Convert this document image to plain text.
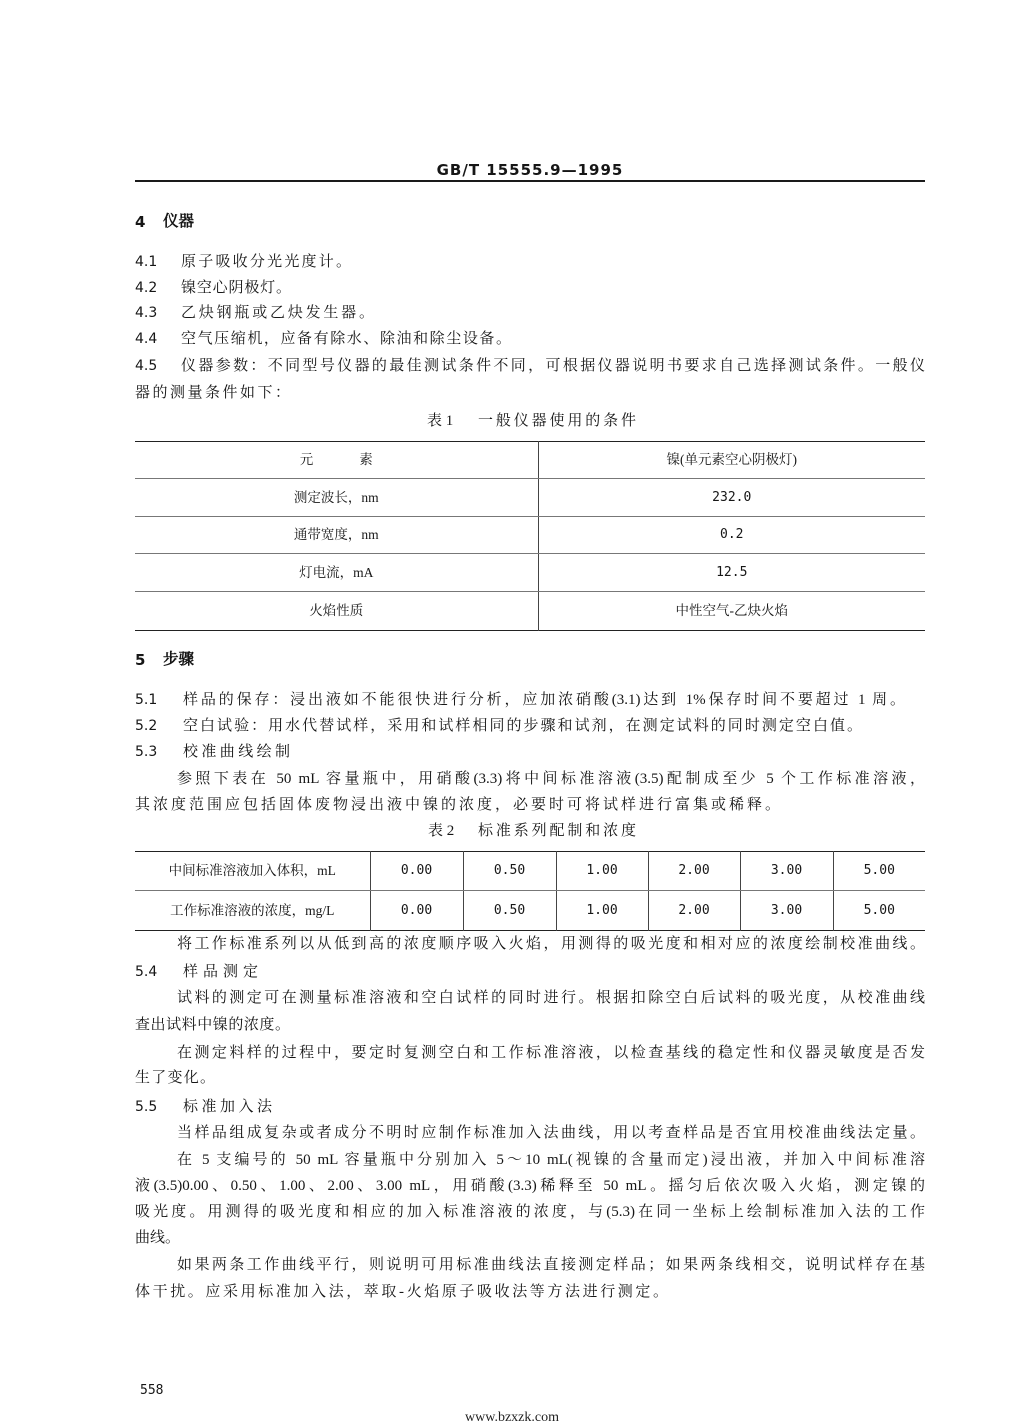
GB/T 15555.9—1995
4 仪器
4.1 原子吸收分光光度计。
4.2 镍空心阴极灯。
4.3 乙炔钢瓶或乙炔发生器。
4.4 空气压缩机，应备有除水、除油和除尘设备。
4.5 仪器参数：不同型号仪器的最佳测试条件不同，可根据仪器说明书要求自己选择测试条件。一般仪
器的测量条件如下：
表 1 一般仪器使用的条件
元素	镍(单元素空心阴极灯)
测定波长，nm	232.0
通带宽度，nm	0.2
灯电流，mA	12.5
火焰性质	中性空气-乙炔火焰
5 步骤
5.1 样品的保存：浸出液如不能很快进行分析，应加浓硝酸(3.1)达到 1%保存时间不要超过 1 周。
5.2 空白试验：用水代替试样，采用和试样相同的步骤和试剂，在测定试料的同时测定空白值。
5.3 校准曲线绘制
参照下表在 50 mL 容量瓶中，用硝酸(3.3)将中间标准溶液(3.5)配制成至少 5 个工作标准溶液，
其浓度范围应包括固体废物浸出液中镍的浓度，必要时可将试样进行富集或稀释。
表 2 标准系列配制和浓度
中间标准溶液加入体积，mL	0.00	0.50	1.00	2.00	3.00	5.00
工作标准溶液的浓度，mg/L	0.00	0.50	1.00	2.00	3.00	5.00
将工作标准系列以从低到高的浓度顺序吸入火焰，用测得的吸光度和相对应的浓度绘制校准曲线。
5.4 样品测定
试料的测定可在测量标准溶液和空白试样的同时进行。根据扣除空白后试料的吸光度，从校准曲线
查出试料中镍的浓度。
在测定料样的过程中，要定时复测空白和工作标准溶液，以检查基线的稳定性和仪器灵敏度是否发
生了变化。
5.5 标准加入法
当样品组成复杂或者成分不明时应制作标准加入法曲线，用以考查样品是否宜用校准曲线法定量。
在 5 支编号的 50 mL 容量瓶中分别加入 5～10 mL(视镍的含量而定)浸出液，并加入中间标准溶
液(3.5)0.00、0.50、1.00、2.00、3.00 mL，用硝酸(3.3)稀释至 50 mL。摇匀后依次吸入火焰，测定镍的
吸光度。用测得的吸光度和相应的加入标准溶液的浓度，与(5.3)在同一坐标上绘制标准加入法的工作
曲线。
如果两条工作曲线平行，则说明可用标准曲线法直接测定样品；如果两条线相交，说明试样存在基
体干扰。应采用标准加入法，萃取-火焰原子吸收法等方法进行测定。
558
www.bzxzk.com
